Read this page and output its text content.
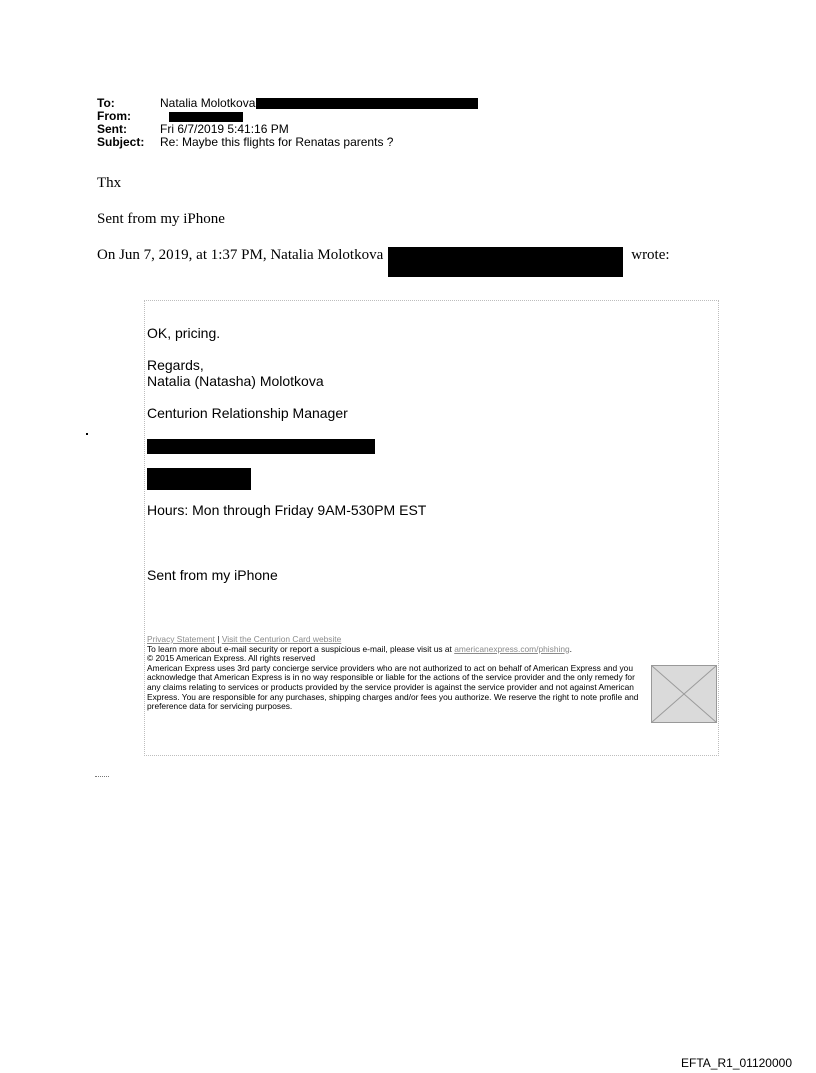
To:	Natalia Molotkova
From:
Sent:	Fri 6/7/2019 5:41:16 PM
Subject:	Re: Maybe this flights for Renatas parents ?
Thx
Sent from my iPhone
On Jun 7, 2019, at 1:37 PM, Natalia Molotkova	wrote:
OK, pricing.
Regards,
Natalia (Natasha) Molotkova
Centurion Relationship Manager
Hours: Mon through Friday 9AM-530PM EST
Sent from my iPhone
Privacy Statement | Visit the Centurion Card website
To learn more about e-mail security or report a suspicious e-mail, please visit us at americanexpress.com/phishing.
© 2015 American Express. All rights reserved
American Express uses 3rd party concierge service providers who are not authorized to act on behalf of American Express and you acknowledge that American Express is in no way responsible or liable for the actions of the service provider and the only remedy for any claims relating to services or products provided by the service provider is against the service provider and not against American Express. You are responsible for any purchases, shipping charges and/or fees you authorize. We reserve the right to note profile and preference data for servicing purposes.
EFTA_R1_01120000
